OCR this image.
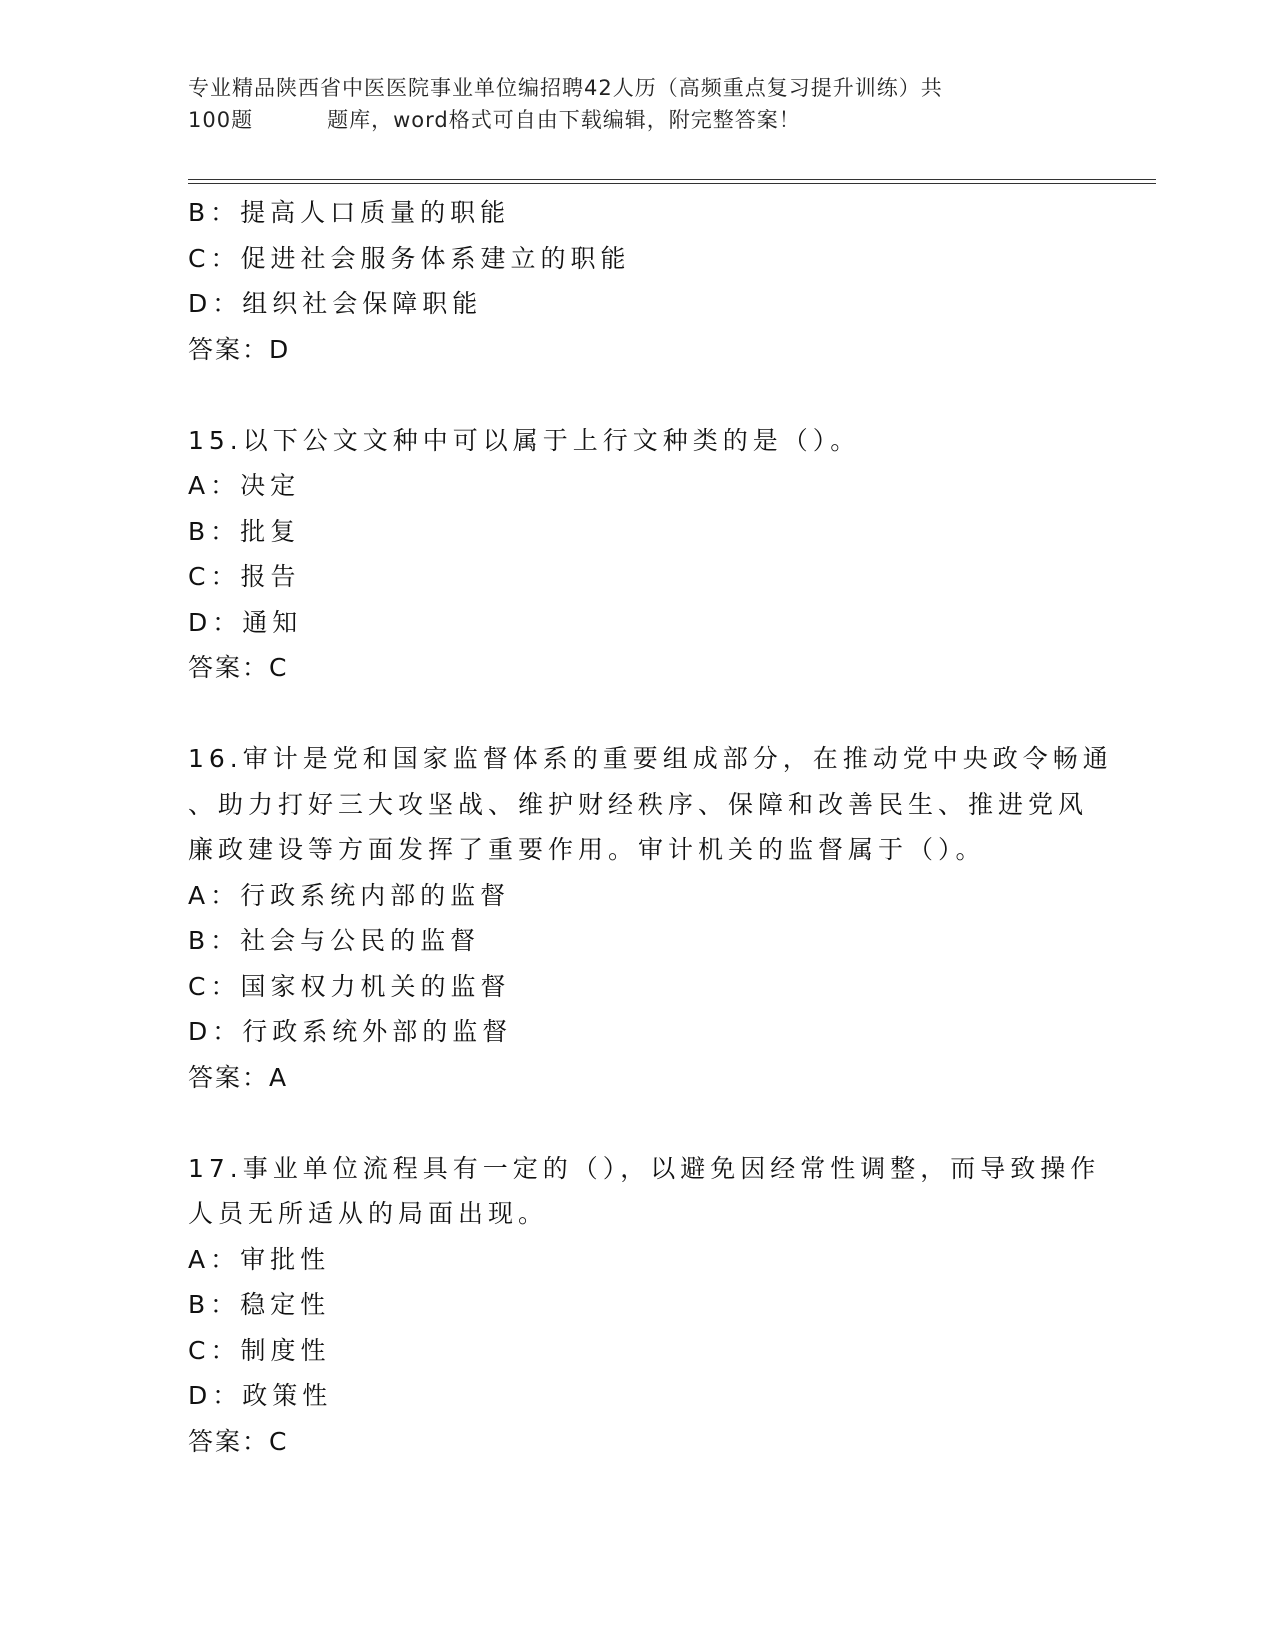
专业精品陕西省中医医院事业单位编招聘42人历（高频重点复习提升训练）共
100题	题库，word格式可自由下载编辑，附完整答案！
B：提高人口质量的职能
C：促进社会服务体系建立的职能
D：组织社会保障职能
答案：D
15.以下公文文种中可以属于上行文种类的是（）。
A：决定
B：批复
C：报告
D：通知
答案：C
16.审计是党和国家监督体系的重要组成部分，在推动党中央政令畅通
、助力打好三大攻坚战、维护财经秩序、保障和改善民生、推进党风
廉政建设等方面发挥了重要作用。审计机关的监督属于（）。
A：行政系统内部的监督
B：社会与公民的监督
C：国家权力机关的监督
D：行政系统外部的监督
答案：A
17.事业单位流程具有一定的（），以避免因经常性调整，而导致操作
人员无所适从的局面出现。
A：审批性
B：稳定性
C：制度性
D：政策性
答案：C
